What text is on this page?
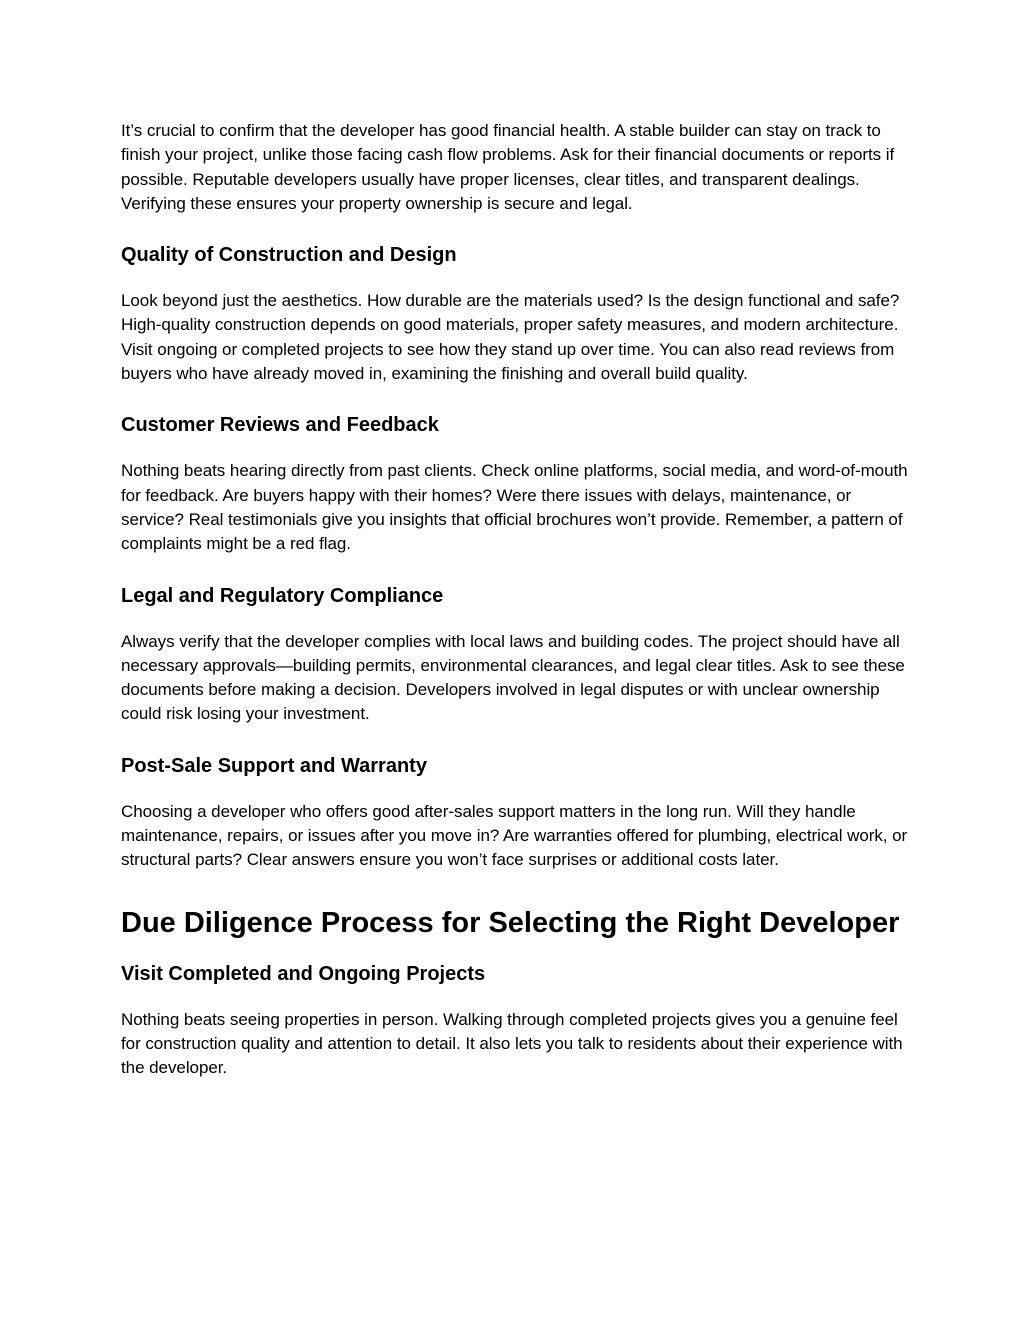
It’s crucial to confirm that the developer has good financial health. A stable builder can stay on track to finish your project, unlike those facing cash flow problems. Ask for their financial documents or reports if possible. Reputable developers usually have proper licenses, clear titles, and transparent dealings. Verifying these ensures your property ownership is secure and legal.

Quality of Construction and Design

Look beyond just the aesthetics. How durable are the materials used? Is the design functional and safe? High-quality construction depends on good materials, proper safety measures, and modern architecture. Visit ongoing or completed projects to see how they stand up over time. You can also read reviews from buyers who have already moved in, examining the finishing and overall build quality.

Customer Reviews and Feedback

Nothing beats hearing directly from past clients. Check online platforms, social media, and word-of-mouth for feedback. Are buyers happy with their homes? Were there issues with delays, maintenance, or service? Real testimonials give you insights that official brochures won’t provide. Remember, a pattern of complaints might be a red flag.

Legal and Regulatory Compliance

Always verify that the developer complies with local laws and building codes. The project should have all necessary approvals—building permits, environmental clearances, and legal clear titles. Ask to see these documents before making a decision. Developers involved in legal disputes or with unclear ownership could risk losing your investment.

Post-Sale Support and Warranty

Choosing a developer who offers good after-sales support matters in the long run. Will they handle maintenance, repairs, or issues after you move in? Are warranties offered for plumbing, electrical work, or structural parts? Clear answers ensure you won’t face surprises or additional costs later.

Due Diligence Process for Selecting the Right Developer
Visit Completed and Ongoing Projects

Nothing beats seeing properties in person. Walking through completed projects gives you a genuine feel for construction quality and attention to detail. It also lets you talk to residents about their experience with the developer.
